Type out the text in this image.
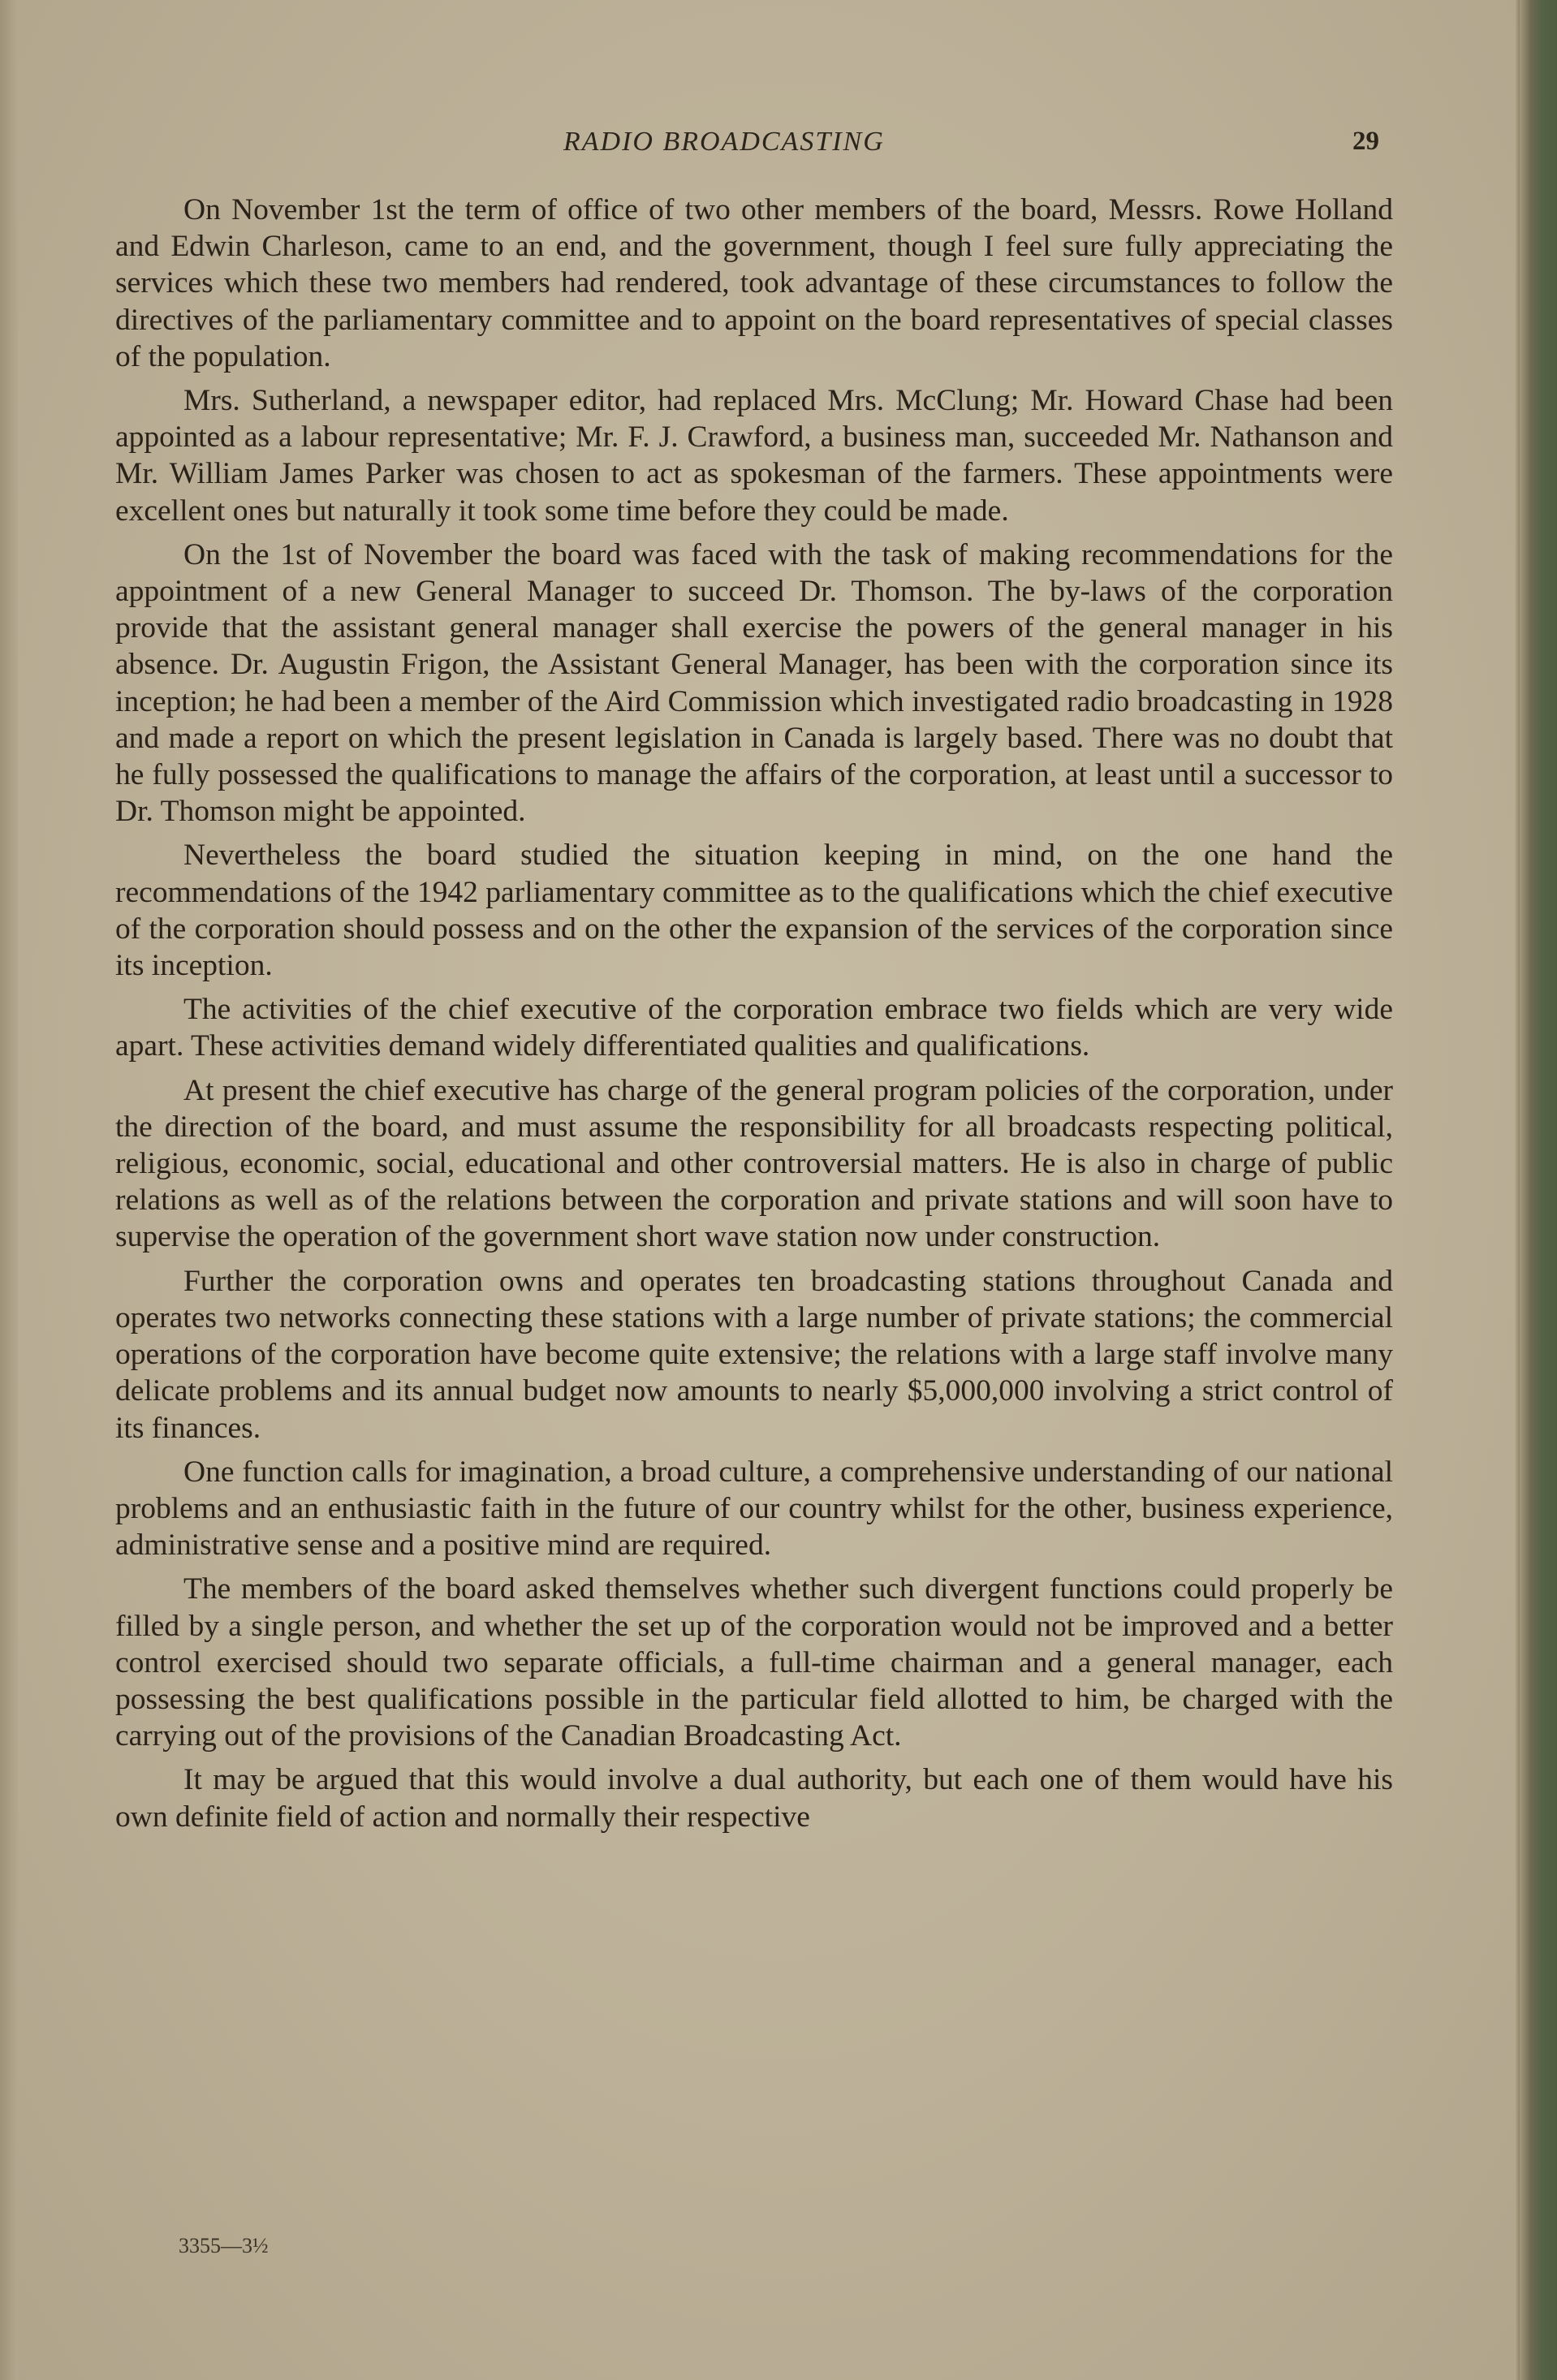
RADIO BROADCASTING	29

On November 1st the term of office of two other members of the board, Messrs. Rowe Holland and Edwin Charleson, came to an end, and the government, though I feel sure fully appreciating the services which these two members had rendered, took advantage of these circumstances to follow the directives of the parliamentary committee and to appoint on the board representatives of special classes of the population.

Mrs. Sutherland, a newspaper editor, had replaced Mrs. McClung; Mr. Howard Chase had been appointed as a labour representative; Mr. F. J. Crawford, a business man, succeeded Mr. Nathanson and Mr. William James Parker was chosen to act as spokesman of the farmers. These appointments were excellent ones but naturally it took some time before they could be made.

On the 1st of November the board was faced with the task of making recommendations for the appointment of a new General Manager to succeed Dr. Thomson. The by-laws of the corporation provide that the assistant general manager shall exercise the powers of the general manager in his absence. Dr. Augustin Frigon, the Assistant General Manager, has been with the corporation since its inception; he had been a member of the Aird Commission which investigated radio broadcasting in 1928 and made a report on which the present legislation in Canada is largely based. There was no doubt that he fully possessed the qualifications to manage the affairs of the corporation, at least until a successor to Dr. Thomson might be appointed.

Nevertheless the board studied the situation keeping in mind, on the one hand the recommendations of the 1942 parliamentary committee as to the qualifications which the chief executive of the corporation should possess and on the other the expansion of the services of the corporation since its inception.

The activities of the chief executive of the corporation embrace two fields which are very wide apart. These activities demand widely differentiated qualities and qualifications.

At present the chief executive has charge of the general program policies of the corporation, under the direction of the board, and must assume the responsibility for all broadcasts respecting political, religious, economic, social, educational and other controversial matters. He is also in charge of public relations as well as of the relations between the corporation and private stations and will soon have to supervise the operation of the government short wave station now under construction.

Further the corporation owns and operates ten broadcasting stations throughout Canada and operates two networks connecting these stations with a large number of private stations; the commercial operations of the corporation have become quite extensive; the relations with a large staff involve many delicate problems and its annual budget now amounts to nearly $5,000,000 involving a strict control of its finances.

One function calls for imagination, a broad culture, a comprehensive understanding of our national problems and an enthusiastic faith in the future of our country whilst for the other, business experience, administrative sense and a positive mind are required.

The members of the board asked themselves whether such divergent functions could properly be filled by a single person, and whether the set up of the corporation would not be improved and a better control exercised should two separate officials, a full-time chairman and a general manager, each possessing the best qualifications possible in the particular field allotted to him, be charged with the carrying out of the provisions of the Canadian Broadcasting Act.

It may be argued that this would involve a dual authority, but each one of them would have his own definite field of action and normally their respective

3355—3½
